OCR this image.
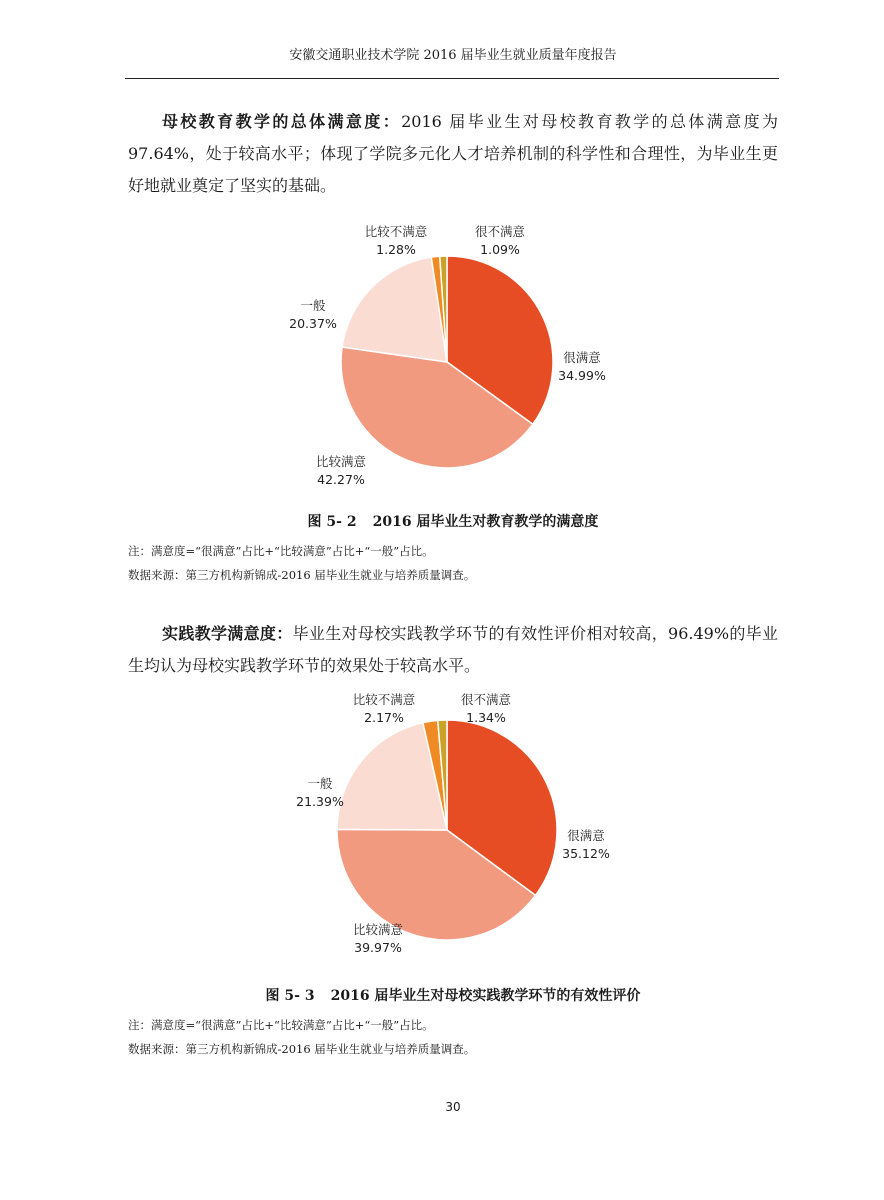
安徽交通职业技术学院 2016 届毕业生就业质量年度报告

母校教育教学的总体满意度：2016 届毕业生对母校教育教学的总体满意度为 97.64%，处于较高水平；体现了学院多元化人才培养机制的科学性和合理性，为毕业生更好地就业奠定了坚实的基础。

很满意
34.99%
比较满意
42.27%
一般
20.37%
比较不满意
1.28%
很不满意
1.09%
图 5- 2 2016 届毕业生对教育教学的满意度
注：满意度=“很满意”占比+“比较满意”占比+“一般”占比。
数据来源：第三方机构新锦成-2016 届毕业生就业与培养质量调查。

实践教学满意度：毕业生对母校实践教学环节的有效性评价相对较高，96.49%的毕业生均认为母校实践教学环节的效果处于较高水平。

很满意
35.12%
比较满意
39.97%
一般
21.39%
比较不满意
2.17%
很不满意
1.34%
图 5- 3 2016 届毕业生对母校实践教学环节的有效性评价
注：满意度=“很满意”占比+“比较满意”占比+“一般”占比。
数据来源：第三方机构新锦成-2016 届毕业生就业与培养质量调查。
30
